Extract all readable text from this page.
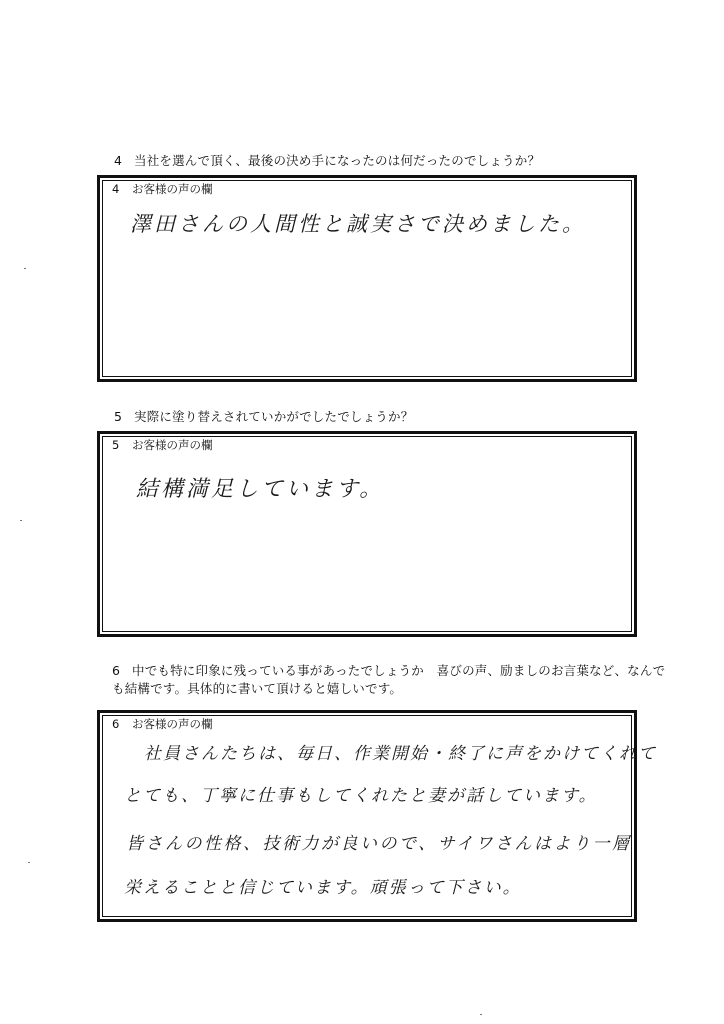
4 当社を選んで頂く、最後の決め手になったのは何だったのでしょうか？
4 お客様の声の欄
澤田さんの人間性と誠実さで決めました。
5 実際に塗り替えされていかがでしたでしょうか？
5 お客様の声の欄
結構満足しています。
6 中でも特に印象に残っている事があったでしょうか　喜びの声、励ましのお言葉など、なんでも結構です。具体的に書いて頂けると嬉しいです。
6 お客様の声の欄
社員さんたちは、毎日、作業開始・終了に声をかけてくれて
とても、丁寧に仕事もしてくれたと妻が話しています。
皆さんの性格、技術力が良いので、サイワさんはより一層
栄えることと信じています。頑張って下さい。
